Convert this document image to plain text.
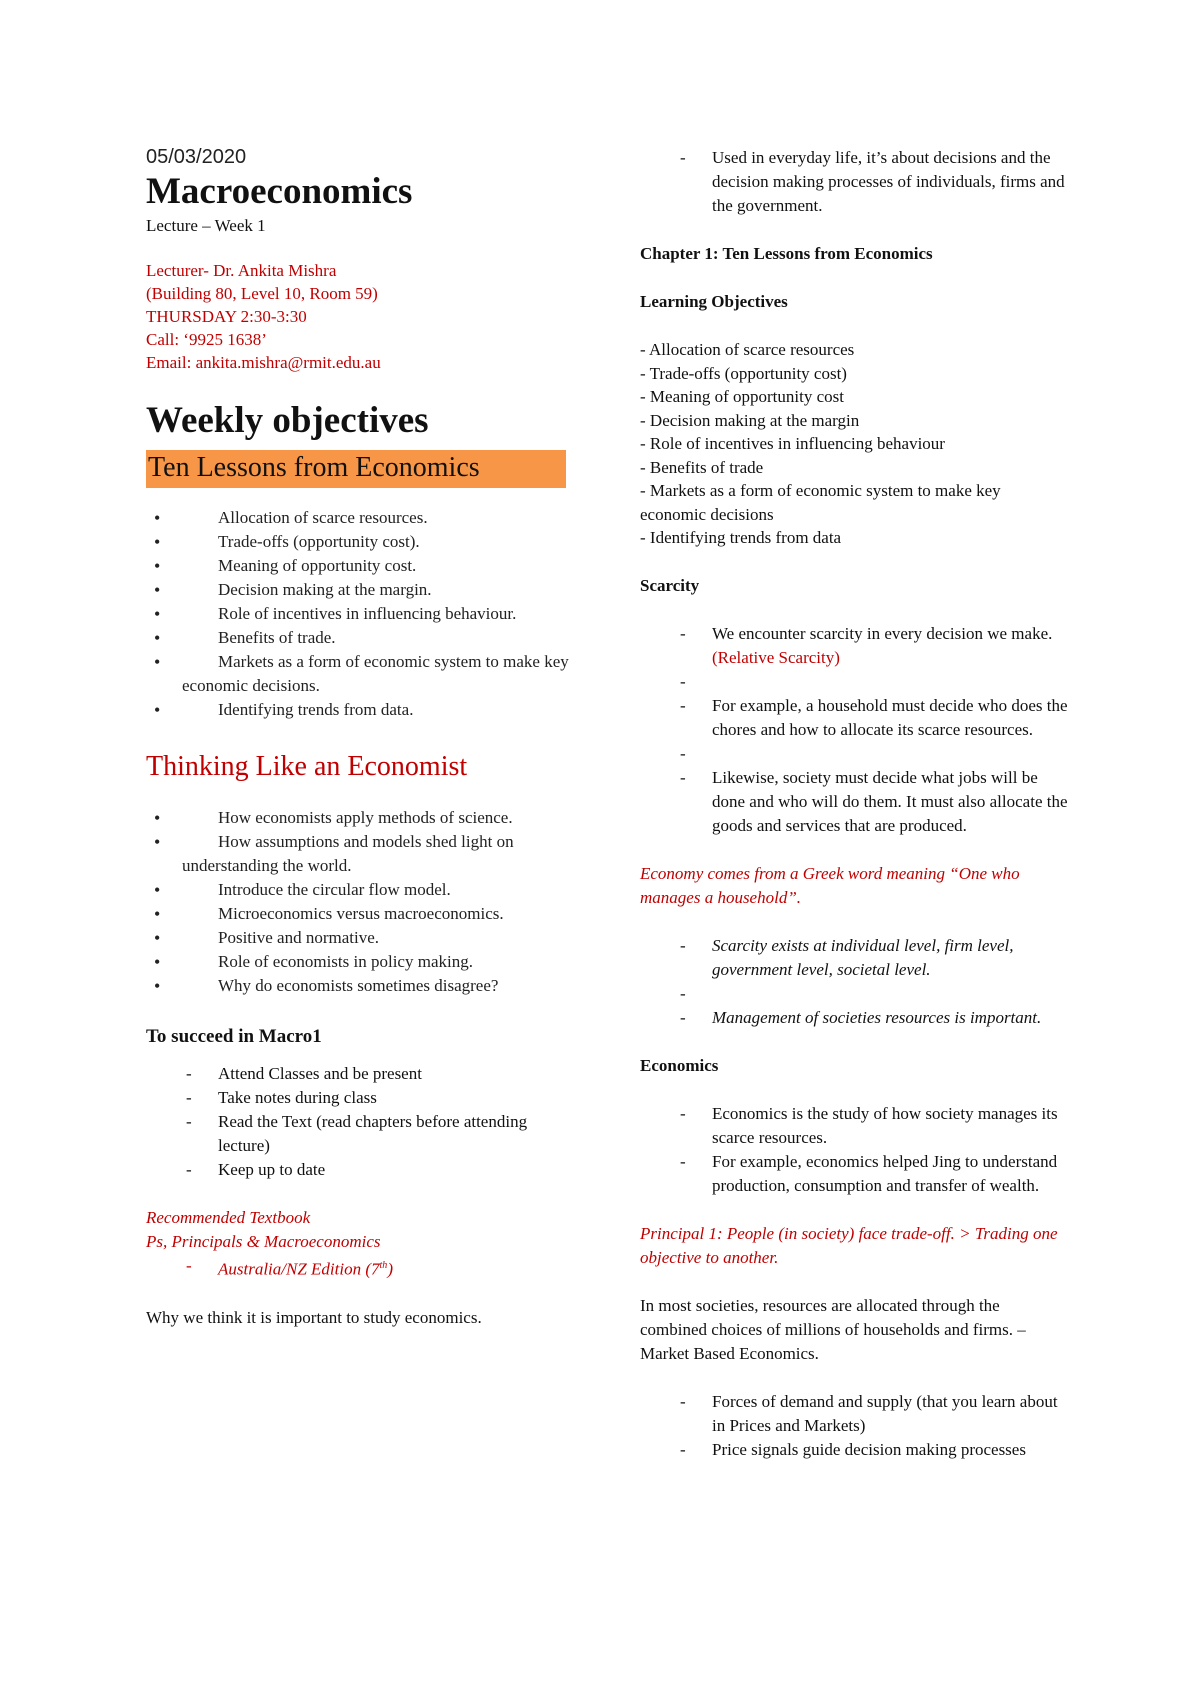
05/03/2020

Macroeconomics

Lecture – Week 1

Lecturer- Dr. Ankita Mishra

(Building 80, Level 10, Room 59)

THURSDAY 2:30-3:30

Call: ‘9925 1638’

Email: ankita.mishra@rmit.edu.au

Weekly objectives

Ten Lessons from Economics
• Allocation of scarce resources.
• Trade-offs (opportunity cost).
• Meaning of opportunity cost.
• Decision making at the margin.
• Role of incentives in influencing behaviour.
• Benefits of trade.
• Markets as a form of economic system to make key economic decisions.
• Identifying trends from data.

Thinking Like an Economist

• How economists apply methods of science.
• How assumptions and models shed light on understanding the world.
• Introduce the circular flow model.
• Microeconomics versus macroeconomics.
• Positive and normative.
• Role of economists in policy making.
• Why do economists sometimes disagree?

To succeed in Macro1

- Attend Classes and be present
- Take notes during class
- Read the Text (read chapters before attending lecture)
- Keep up to date

Recommended Textbook

Ps, Principals & Macroeconomics

- Australia/NZ Edition (7th)

Why we think it is important to study economics.

- Used in everyday life, it’s about decisions and the decision making processes of individuals, firms and the government.

Chapter 1: Ten Lessons from Economics

Learning Objectives

- Allocation of scarce resources

- Trade-offs (opportunity cost)

- Meaning of opportunity cost

- Decision making at the margin

- Role of incentives in influencing behaviour

- Benefits of trade

- Markets as a form of economic system to make key economic decisions

- Identifying trends from data

Scarcity

- We encounter scarcity in every decision we make. (Relative Scarcity)
-
- For example, a household must decide who does the chores and how to allocate its scarce resources.
-
- Likewise, society must decide what jobs will be done and who will do them. It must also allocate the goods and services that are produced.

Economy comes from a Greek word meaning “One who manages a household”.

- Scarcity exists at individual level, firm level, government level, societal level.
-
- Management of societies resources is important.

Economics

- Economics is the study of how society manages its scarce resources.
- For example, economics helped Jing to understand production, consumption and transfer of wealth.

Principal 1: People (in society) face trade-off. > Trading one objective to another.

In most societies, resources are allocated through the combined choices of millions of households and firms. – Market Based Economics.

- Forces of demand and supply (that you learn about in Prices and Markets)
- Price signals guide decision making processes
